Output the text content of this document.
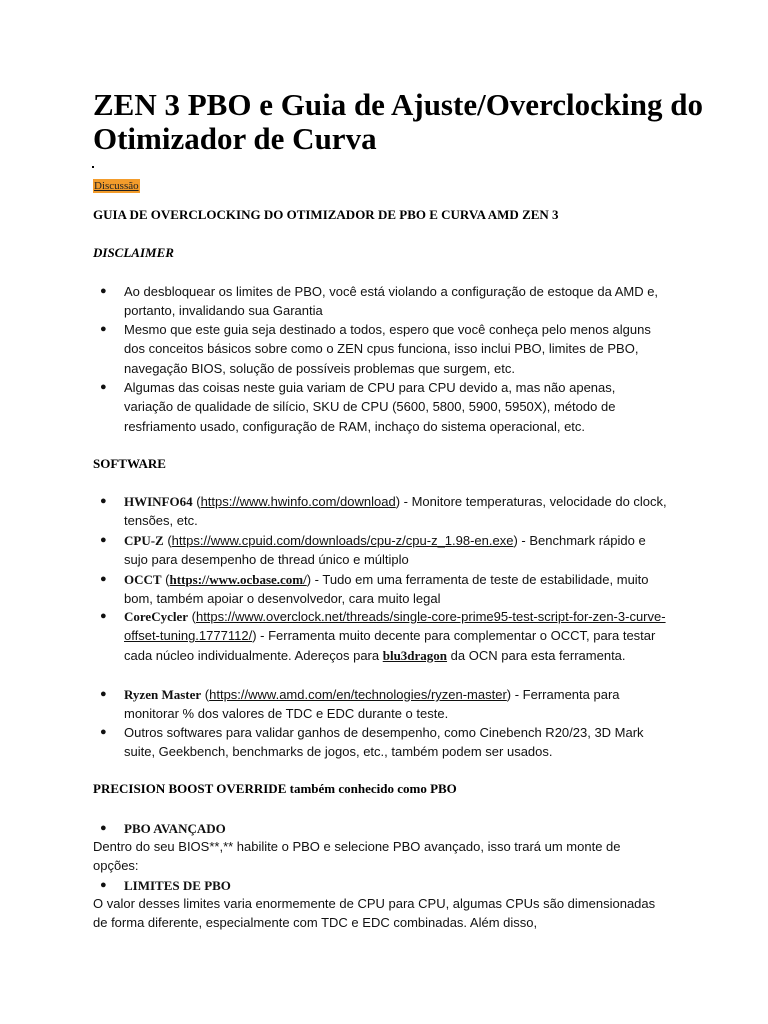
ZEN 3 PBO e Guia de Ajuste/Overclocking do Otimizador de Curva
Discussão
GUIA DE OVERCLOCKING DO OTIMIZADOR DE PBO E CURVA AMD ZEN 3
DISCLAIMER
● Ao desbloquear os limites de PBO, você está violando a configuração de estoque da AMD e, portanto, invalidando sua Garantia
● Mesmo que este guia seja destinado a todos, espero que você conheça pelo menos alguns dos conceitos básicos sobre como o ZEN cpus funciona, isso inclui PBO, limites de PBO, navegação BIOS, solução de possíveis problemas que surgem, etc.
● Algumas das coisas neste guia variam de CPU para CPU devido a, mas não apenas, variação de qualidade de silício, SKU de CPU (5600, 5800, 5900, 5950X), método de resfriamento usado, configuração de RAM, inchaço do sistema operacional, etc.
SOFTWARE
● HWINFO64 (https://www.hwinfo.com/download) - Monitore temperaturas, velocidade do clock, tensões, etc.
● CPU-Z (https://www.cpuid.com/downloads/cpu-z/cpu-z_1.98-en.exe) - Benchmark rápido e sujo para desempenho de thread único e múltiplo
● OCCT (https://www.ocbase.com/) - Tudo em uma ferramenta de teste de estabilidade, muito bom, também apoiar o desenvolvedor, cara muito legal
● CoreCycler (https://www.overclock.net/threads/single-core-prime95-test-script-for-zen-3-curve-offset-tuning.1777112/) - Ferramenta muito decente para complementar o OCCT, para testar cada núcleo individualmente. Adereços para blu3dragon da OCN para esta ferramenta.
● Ryzen Master (https://www.amd.com/en/technologies/ryzen-master) - Ferramenta para monitorar % dos valores de TDC e EDC durante o teste.
● Outros softwares para validar ganhos de desempenho, como Cinebench R20/23, 3D Mark suite, Geekbench, benchmarks de jogos, etc., também podem ser usados.
PRECISION BOOST OVERRIDE também conhecido como PBO
● PBO AVANÇADO
Dentro do seu BIOS**,** habilite o PBO e selecione PBO avançado, isso trará um monte de opções:
● LIMITES DE PBO
O valor desses limites varia enormemente de CPU para CPU, algumas CPUs são dimensionadas de forma diferente, especialmente com TDC e EDC combinadas. Além disso,
